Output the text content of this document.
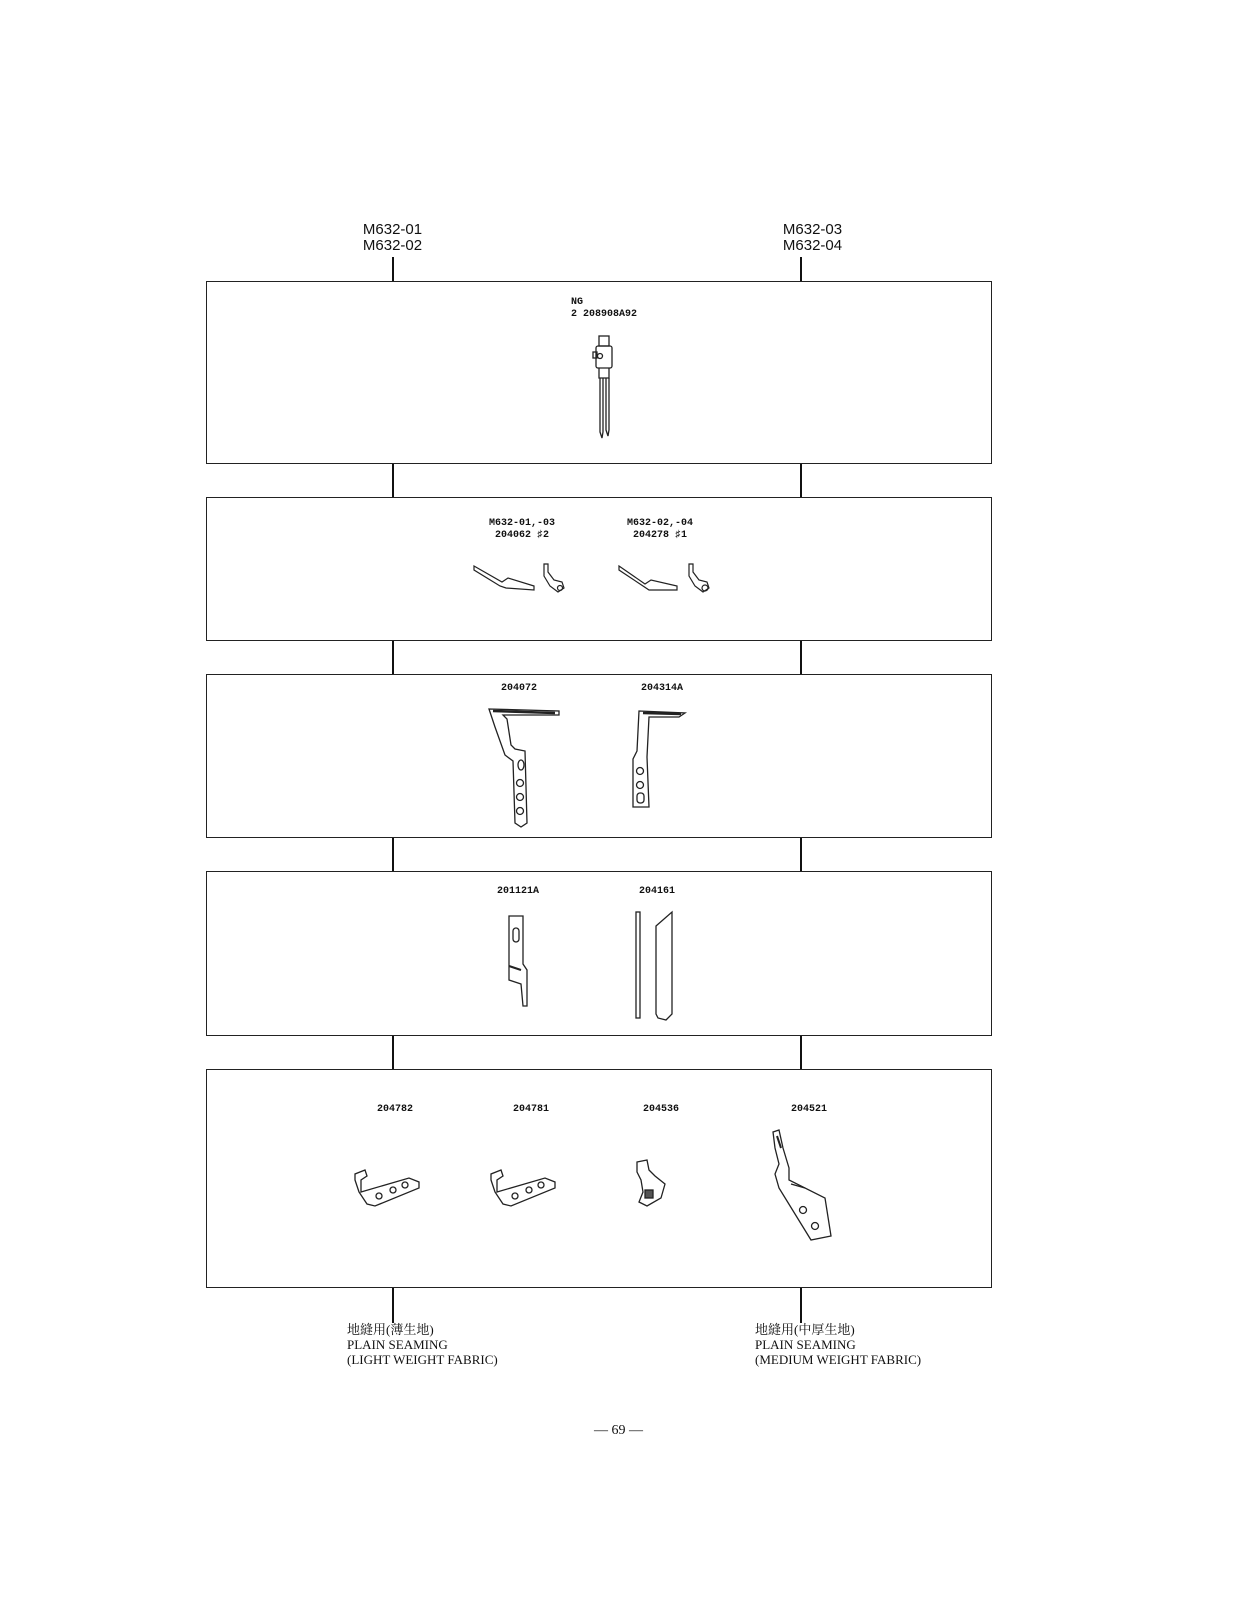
M632-01
M632-02
M632-03
M632-04
NG
2 208908A92
M632-01,-03
204062 ♯2
M632-02,-04
204278 ♯1
204072	204314A
201121A	204161
204782	204781	204536	204521
地縫用(薄生地)
PLAIN SEAMING
(LIGHT WEIGHT FABRIC)
地縫用(中厚生地)
PLAIN SEAMING
(MEDIUM WEIGHT FABRIC)
— 69 —
